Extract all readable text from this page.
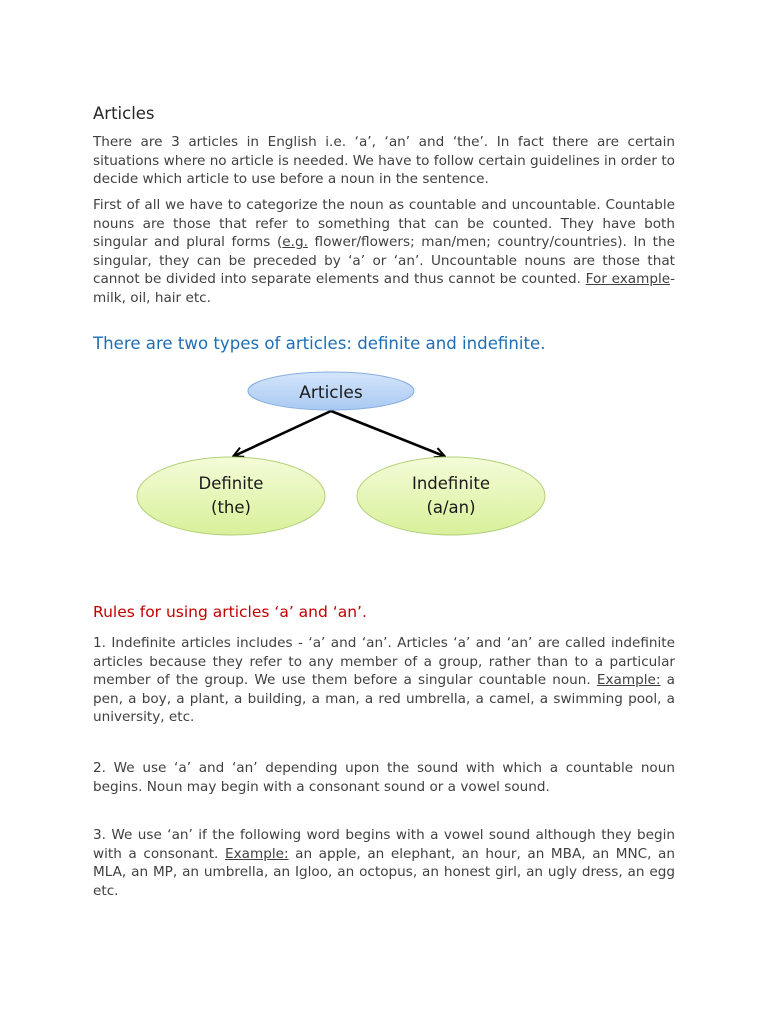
Articles

There are 3 articles in English i.e. ‘a’, ‘an’ and ‘the’. In fact there are certain situations where no article is needed. We have to follow certain guidelines in order to decide which article to use before a noun in the sentence.

First of all we have to categorize the noun as countable and uncountable. Countable nouns are those that refer to something that can be counted. They have both singular and plural forms (e.g. flower/flowers; man/men; country/countries). In the singular, they can be preceded by ‘a’ or ‘an’. Uncountable nouns are those that cannot be divided into separate elements and thus cannot be counted. For example- milk, oil, hair etc.

There are two types of articles: definite and indefinite.
Articles
Definite
(the)
Indefinite
(a/an)
Rules for using articles ‘a’ and ‘an’.

1. Indefinite articles includes - ‘a’ and ‘an’. Articles ‘a’ and ‘an’ are called indefinite articles because they refer to any member of a group, rather than to a particular member of the group. We use them before a singular countable noun. Example: a pen, a boy, a plant, a building, a man, a red umbrella, a camel, a swimming pool, a university, etc.

2. We use ‘a’ and ‘an’ depending upon the sound with which a countable noun begins. Noun may begin with a consonant sound or a vowel sound.

3. We use ‘an’ if the following word begins with a vowel sound although they begin with a consonant. Example: an apple, an elephant, an hour, an MBA, an MNC, an MLA, an MP, an umbrella, an Igloo, an octopus, an honest girl, an ugly dress, an egg etc.
